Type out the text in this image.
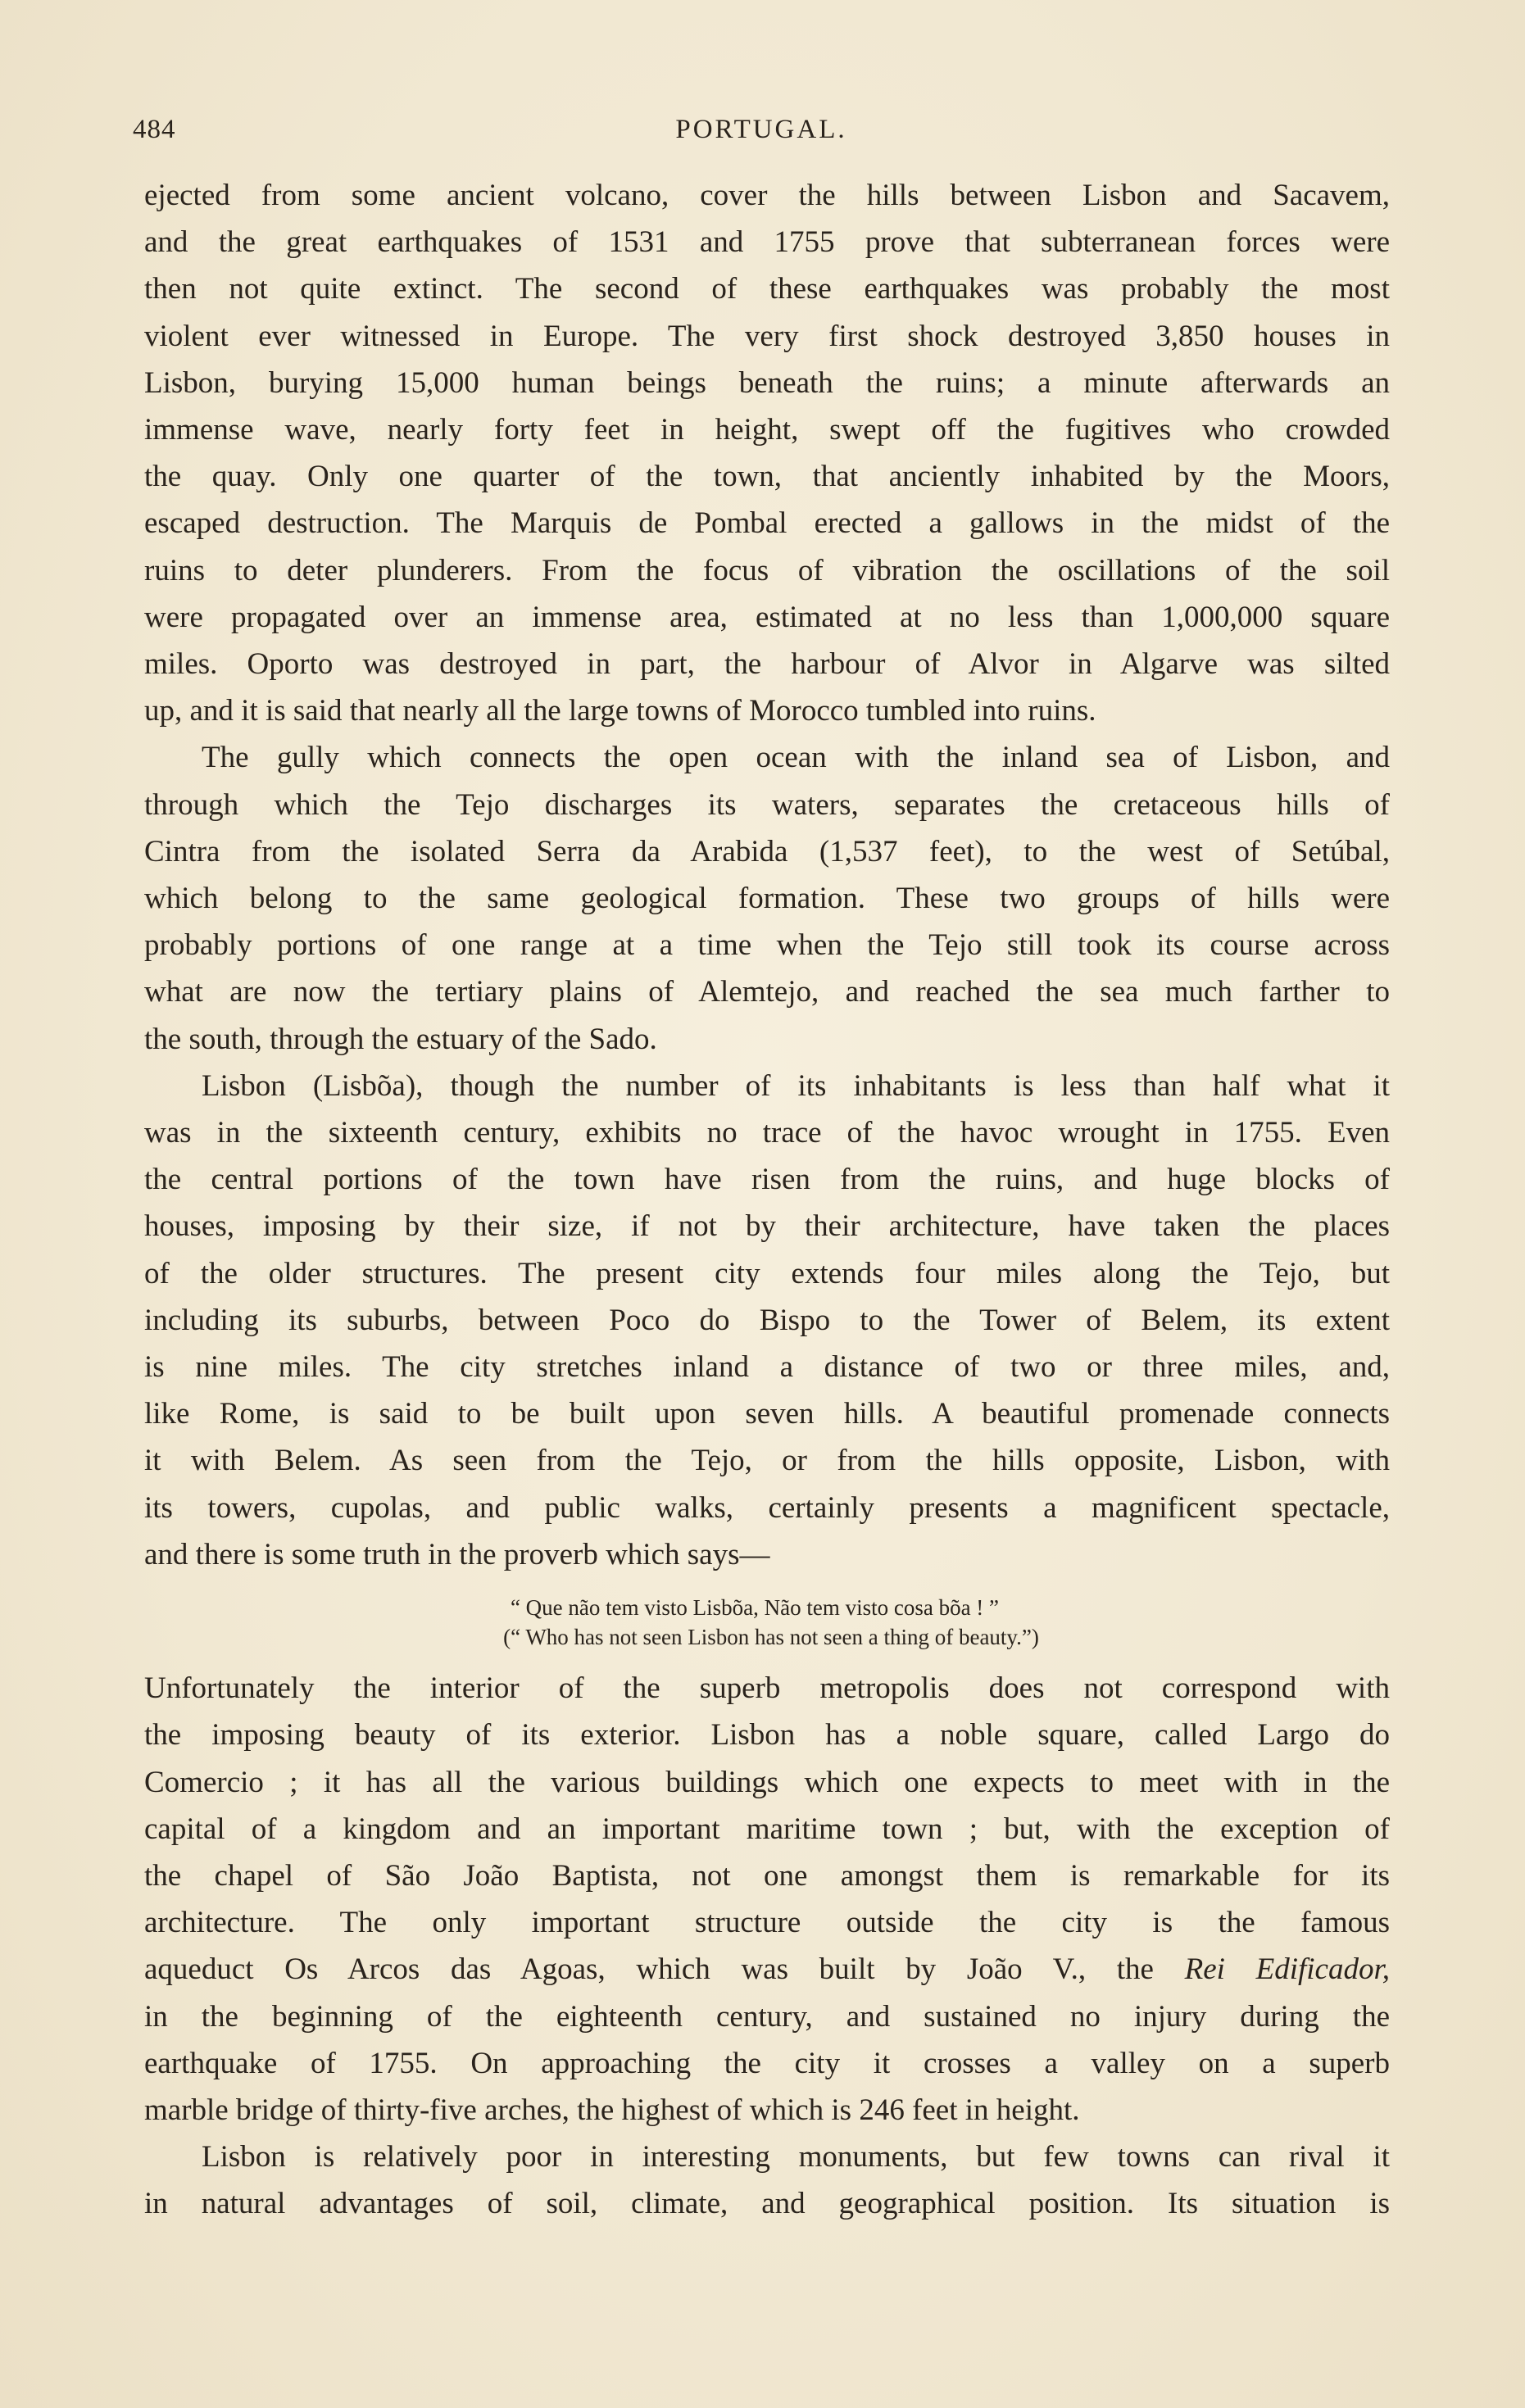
484	PORTUGAL.

ejected from some ancient volcano, cover the hills between Lisbon and Sacavem,

and the great earthquakes of 1531 and 1755 prove that subterranean forces were

then not quite extinct. The second of these earthquakes was probably the most

violent ever witnessed in Europe. The very first shock destroyed 3,850 houses in

Lisbon, burying 15,000 human beings beneath the ruins; a minute afterwards an

immense wave, nearly forty feet in height, swept off the fugitives who crowded

the quay. Only one quarter of the town, that anciently inhabited by the Moors,

escaped destruction. The Marquis de Pombal erected a gallows in the midst of the

ruins to deter plunderers. From the focus of vibration the oscillations of the soil

were propagated over an immense area, estimated at no less than 1,000,000 square

miles. Oporto was destroyed in part, the harbour of Alvor in Algarve was silted

up, and it is said that nearly all the large towns of Morocco tumbled into ruins.

The gully which connects the open ocean with the inland sea of Lisbon, and

through which the Tejo discharges its waters, separates the cretaceous hills of

Cintra from the isolated Serra da Arabida (1,537 feet), to the west of Setúbal,

which belong to the same geological formation. These two groups of hills were

probably portions of one range at a time when the Tejo still took its course across

what are now the tertiary plains of Alemtejo, and reached the sea much farther to

the south, through the estuary of the Sado.

Lisbon (Lisbõa), though the number of its inhabitants is less than half what it

was in the sixteenth century, exhibits no trace of the havoc wrought in 1755. Even

the central portions of the town have risen from the ruins, and huge blocks of

houses, imposing by their size, if not by their architecture, have taken the places

of the older structures. The present city extends four miles along the Tejo, but

including its suburbs, between Poco do Bispo to the Tower of Belem, its extent

is nine miles. The city stretches inland a distance of two or three miles, and,

like Rome, is said to be built upon seven hills. A beautiful promenade connects

it with Belem. As seen from the Tejo, or from the hills opposite, Lisbon, with

its towers, cupolas, and public walks, certainly presents a magnificent spectacle,

and there is some truth in the proverb which says—

“ Que não tem visto Lisbõa, Não tem visto cosa bõa ! ”
(“ Who has not seen Lisbon has not seen a thing of beauty.”)

Unfortunately the interior of the superb metropolis does not correspond with

the imposing beauty of its exterior. Lisbon has a noble square, called Largo do

Comercio ; it has all the various buildings which one expects to meet with in the

capital of a kingdom and an important maritime town ; but, with the exception of

the chapel of São João Baptista, not one amongst them is remarkable for its

architecture. The only important structure outside the city is the famous

aqueduct Os Arcos das Agoas, which was built by João V., the Rei Edificador,

in the beginning of the eighteenth century, and sustained no injury during the

earthquake of 1755. On approaching the city it crosses a valley on a superb

marble bridge of thirty-five arches, the highest of which is 246 feet in height.

Lisbon is relatively poor in interesting monuments, but few towns can rival it

in natural advantages of soil, climate, and geographical position. Its situation is
